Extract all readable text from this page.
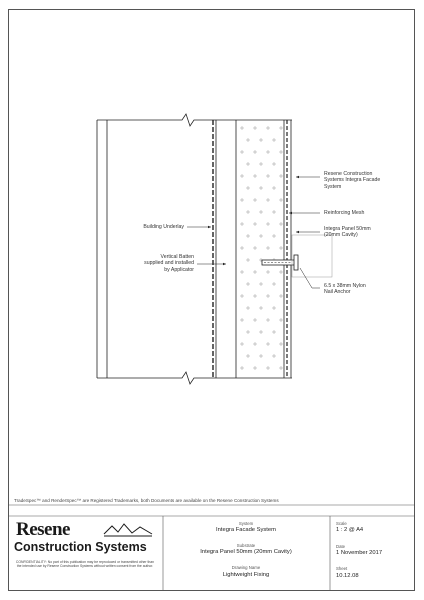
Resene Construction
Systems Integra Facade
System
Reinforcing Mesh
Integra Panel 50mm
(20mm Cavity)
Building Underlay
Vertical Batten
supplied and installed
by Applicator
6.5 x 38mm Nylon
Nail Anchor
TradeSpec™ and RenderSpec™ are Registered Trademarks, both Documents are available on the Resene Construction Systems
Resene
Construction Systems
CONFIDENTIALITY: No part of this publication may be reproduced or transmitted other than the intended use by Resene Construction Systems without written consent from the author.
System
Integra Facade System
Substrate
Integra Panel 50mm (20mm Cavity)
Drawing Name
Lightweight Fixing
Scale
1 : 2 @ A4
Date
1 November 2017
Sheet
10.12.08
